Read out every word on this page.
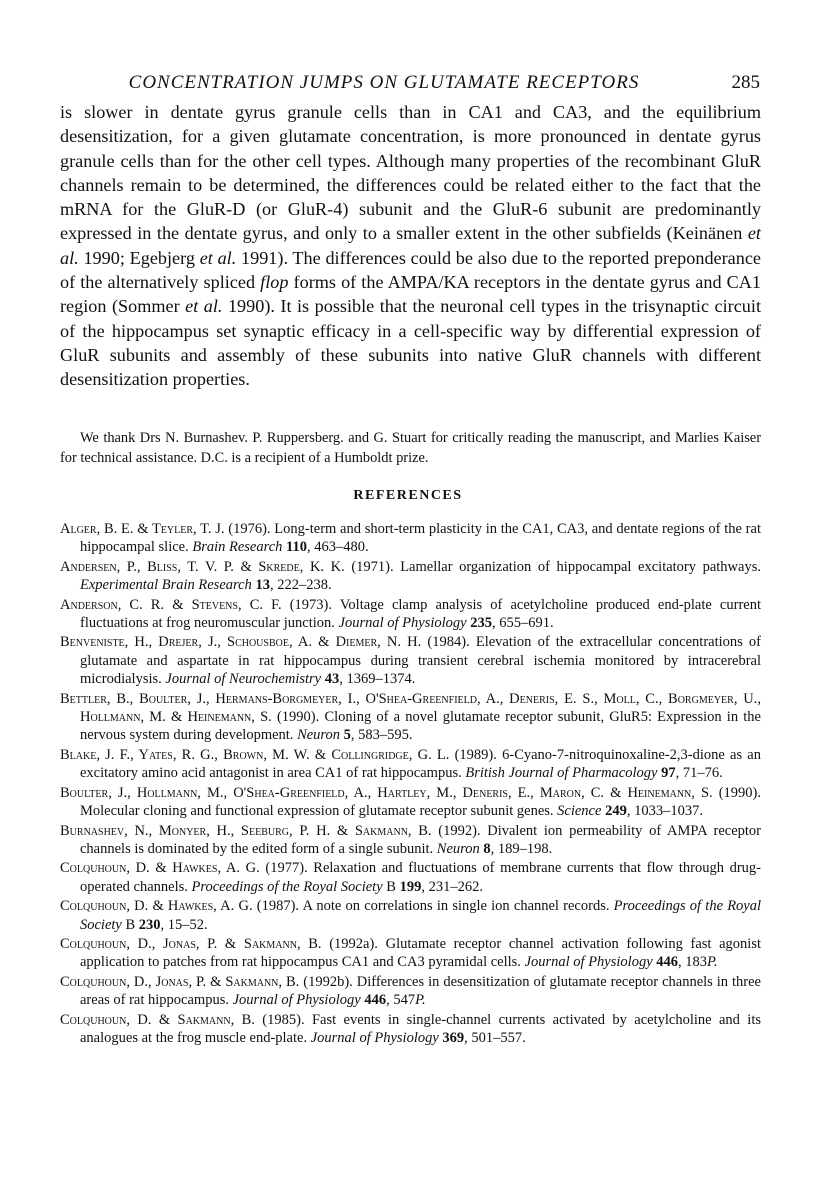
CONCENTRATION JUMPS ON GLUTAMATE RECEPTORS	285

is slower in dentate gyrus granule cells than in CA1 and CA3, and the equilibrium desensitization, for a given glutamate concentration, is more pronounced in dentate gyrus granule cells than for the other cell types. Although many properties of the recombinant GluR channels remain to be determined, the differences could be related either to the fact that the mRNA for the GluR-D (or GluR-4) subunit and the GluR-6 subunit are predominantly expressed in the dentate gyrus, and only to a smaller extent in the other subfields (Keinänen et al. 1990; Egebjerg et al. 1991). The differences could be also due to the reported preponderance of the alternatively spliced flop forms of the AMPA/KA receptors in the dentate gyrus and CA1 region (Sommer et al. 1990). It is possible that the neuronal cell types in the trisynaptic circuit of the hippocampus set synaptic efficacy in a cell-specific way by differential expression of GluR subunits and assembly of these subunits into native GluR channels with different desensitization properties.

We thank Drs N. Burnashev. P. Ruppersberg. and G. Stuart for critically reading the manuscript, and Marlies Kaiser for technical assistance. D.C. is a recipient of a Humboldt prize.

REFERENCES
Alger, B. E. & Teyler, T. J. (1976). Long-term and short-term plasticity in the CA1, CA3, and dentate regions of the rat hippocampal slice. Brain Research 110, 463–480.
Andersen, P., Bliss, T. V. P. & Skrede, K. K. (1971). Lamellar organization of hippocampal excitatory pathways. Experimental Brain Research 13, 222–238.
Anderson, C. R. & Stevens, C. F. (1973). Voltage clamp analysis of acetylcholine produced end-plate current fluctuations at frog neuromuscular junction. Journal of Physiology 235, 655–691.
Benveniste, H., Drejer, J., Schousboe, A. & Diemer, N. H. (1984). Elevation of the extracellular concentrations of glutamate and aspartate in rat hippocampus during transient cerebral ischemia monitored by intracerebral microdialysis. Journal of Neurochemistry 43, 1369–1374.
Bettler, B., Boulter, J., Hermans-Borgmeyer, I., O'Shea-Greenfield, A., Deneris, E. S., Moll, C., Borgmeyer, U., Hollmann, M. & Heinemann, S. (1990). Cloning of a novel glutamate receptor subunit, GluR5: Expression in the nervous system during development. Neuron 5, 583–595.
Blake, J. F., Yates, R. G., Brown, M. W. & Collingridge, G. L. (1989). 6-Cyano-7-nitroquinoxaline-2,3-dione as an excitatory amino acid antagonist in area CA1 of rat hippocampus. British Journal of Pharmacology 97, 71–76.
Boulter, J., Hollmann, M., O'Shea-Greenfield, A., Hartley, M., Deneris, E., Maron, C. & Heinemann, S. (1990). Molecular cloning and functional expression of glutamate receptor subunit genes. Science 249, 1033–1037.
Burnashev, N., Monyer, H., Seeburg, P. H. & Sakmann, B. (1992). Divalent ion permeability of AMPA receptor channels is dominated by the edited form of a single subunit. Neuron 8, 189–198.
Colquhoun, D. & Hawkes, A. G. (1977). Relaxation and fluctuations of membrane currents that flow through drug-operated channels. Proceedings of the Royal Society B 199, 231–262.
Colquhoun, D. & Hawkes, A. G. (1987). A note on correlations in single ion channel records. Proceedings of the Royal Society B 230, 15–52.
Colquhoun, D., Jonas, P. & Sakmann, B. (1992a). Glutamate receptor channel activation following fast agonist application to patches from rat hippocampus CA1 and CA3 pyramidal cells. Journal of Physiology 446, 183P.
Colquhoun, D., Jonas, P. & Sakmann, B. (1992b). Differences in desensitization of glutamate receptor channels in three areas of rat hippocampus. Journal of Physiology 446, 547P.
Colquhoun, D. & Sakmann, B. (1985). Fast events in single-channel currents activated by acetylcholine and its analogues at the frog muscle end-plate. Journal of Physiology 369, 501–557.
